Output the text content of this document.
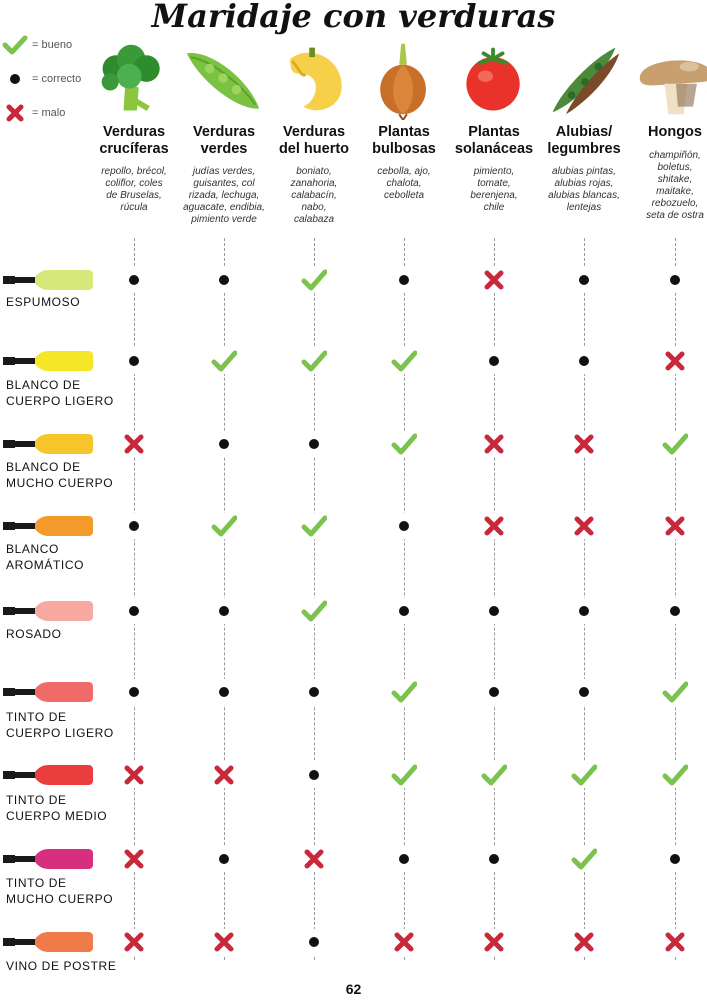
Maridaje con verduras
= bueno
= correcto
= malo
Verduras
crucíferas
repollo, brécol,
coliflor, coles
de Bruselas,
rúcula
Verduras
verdes
judías verdes,
guisantes, col
rizada, lechuga,
aguacate, endibia,
pimiento verde
Verduras
del huerto
boniato,
zanahoria,
calabacín,
nabo,
calabaza
Plantas
bulbosas
cebolla, ajo,
chalota,
cebolleta
Plantas
solanáceas
pimiento,
tomate,
berenjena,
chile
Alubias/
legumbres
alubias pintas,
alubias rojas,
alubias blancas,
lentejas
Hongos
champiñón,
boletus,
shitake,
maitake,
rebozuelo,
seta de ostra
ESPUMOSO
BLANCO DE
CUERPO LIGERO
BLANCO DE
MUCHO CUERPO
BLANCO
AROMÁTICO
ROSADO
TINTO DE
CUERPO LIGERO
TINTO DE
CUERPO MEDIO
TINTO DE
MUCHO CUERPO
VINO DE POSTRE
62
